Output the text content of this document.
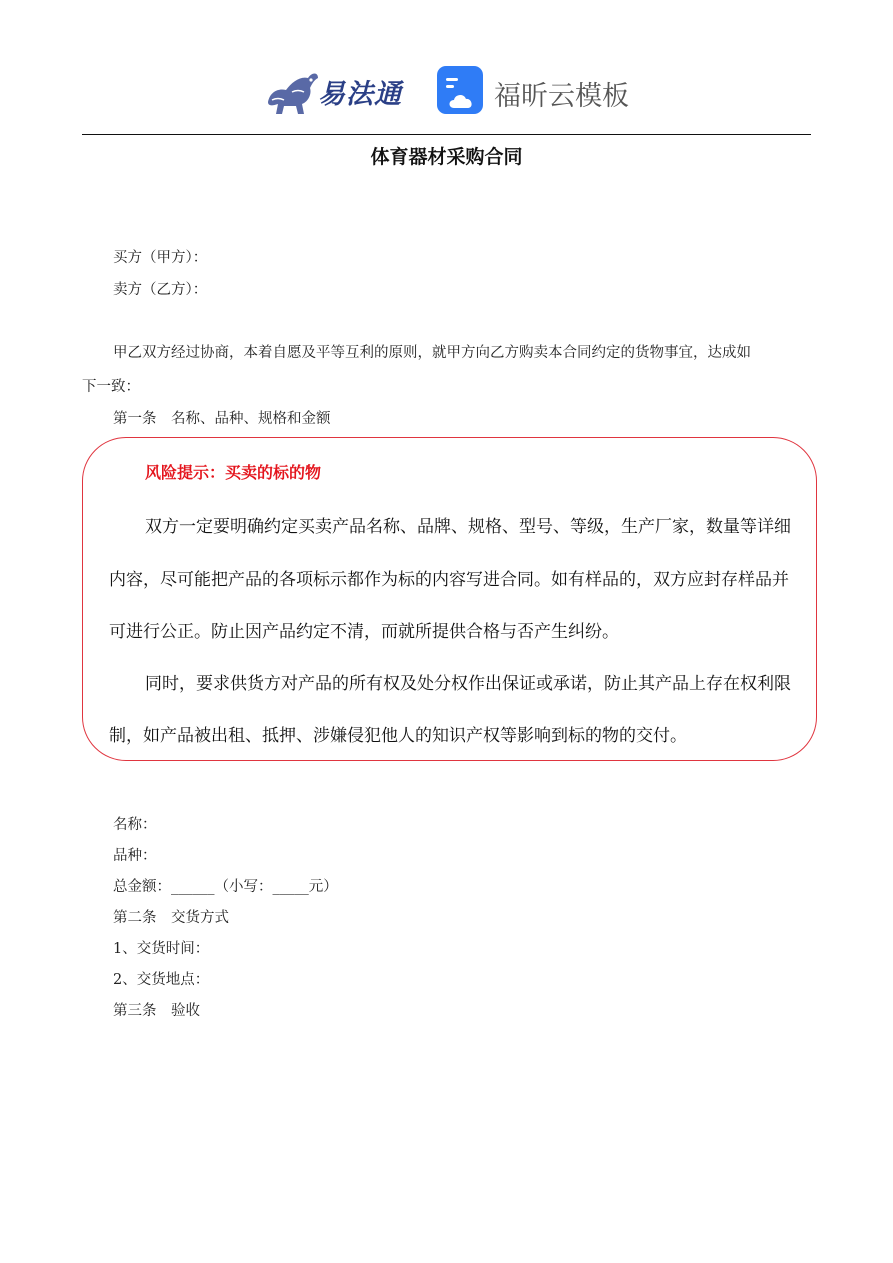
易法通	福昕云模板
体育器材采购合同
买方（甲方）：
卖方（乙方）：
甲乙双方经过协商，本着自愿及平等互利的原则，就甲方向乙方购卖本合同约定的货物事宜，达成如
下一致：
第一条　名称、品种、规格和金额
风险提示：买卖的标的物
双方一定要明确约定买卖产品名称、品牌、规格、型号、等级，生产厂家，数量等详细
内容，尽可能把产品的各项标示都作为标的内容写进合同。如有样品的，双方应封存样品并
可进行公正。防止因产品约定不清，而就所提供合格与否产生纠纷。
同时，要求供货方对产品的所有权及处分权作出保证或承诺，防止其产品上存在权利限
制，如产品被出租、抵押、涉嫌侵犯他人的知识产权等影响到标的物的交付。
名称：
品种：
总金额：______（小写：_____元）
第二条　交货方式
1、交货时间：
2、交货地点：
第三条　验收
